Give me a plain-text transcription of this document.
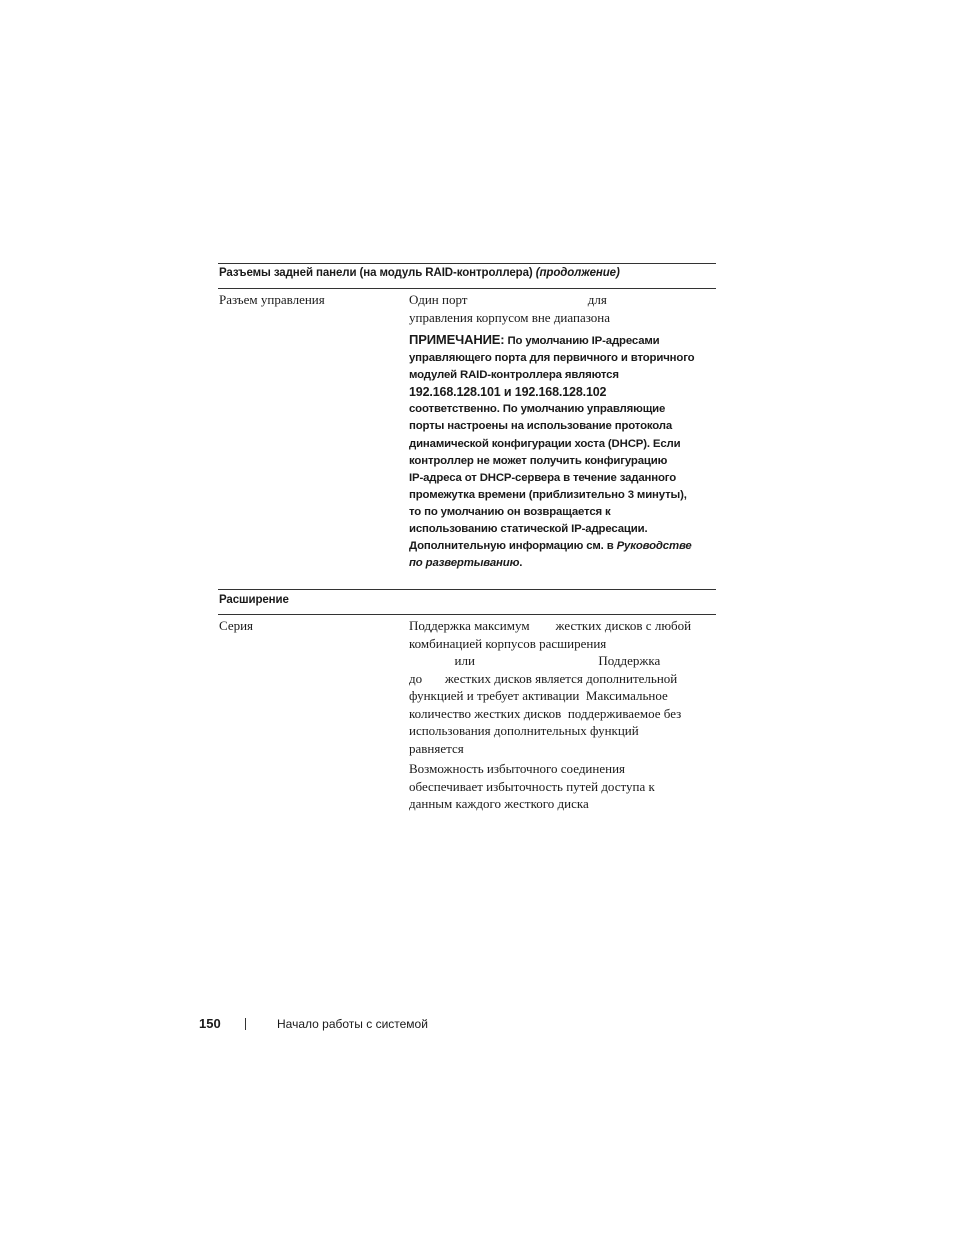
Разъемы задней панели (на модуль RAID-контроллера) (продолжение)
Разъем управления	Один порт                                     для
управления корпусом вне диапазона
ПРИМЕЧАНИЕ: По умолчанию IP-адресами
управляющего порта для первичного и вторичного
модулей RAID-контроллера являются
192.168.128.101 и 192.168.128.102
соответственно. По умолчанию управляющие
порты настроены на использование протокола
динамической конфигурации хоста (DHCP). Если
контроллер не может получить конфигурацию
IP-адреса от DHCP-сервера в течение заданного
промежутка времени (приблизительно 3 минуты),
то по умолчанию он возвращается к
использованию статической IP-адресации.
Дополнительную информацию см. в Руководстве
по развертыванию.
Расширение
Серия	Поддержка максимум        жестких дисков с любой
комбинацией корпусов расширения
или                                      Поддержка
до       жестких дисков является дополнительной
функцией и требует активации  Максимальное
количество жестких дисков  поддерживаемое без
использования дополнительных функций
равняется
Возможность избыточного соединения
обеспечивает избыточность путей доступа к
данным каждого жесткого диска
150	Начало работы с системой
